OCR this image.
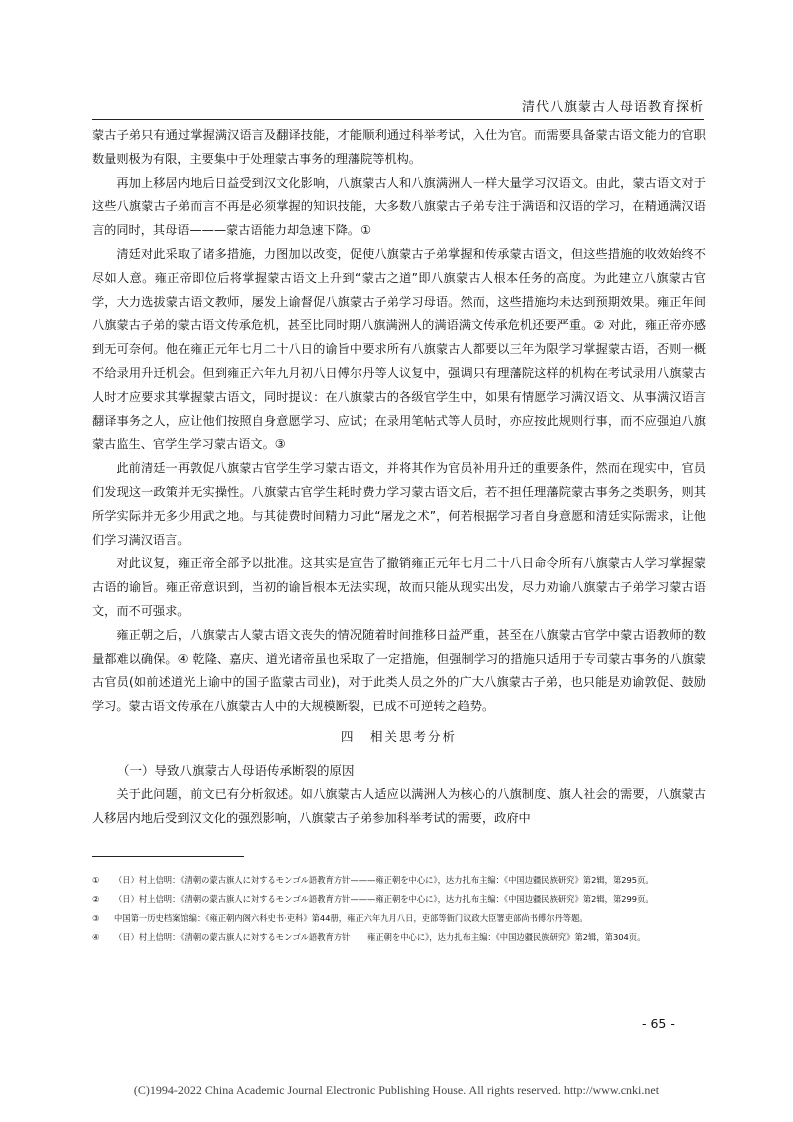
清代八旗蒙古人母语教育探析

蒙古子弟只有通过掌握满汉语言及翻译技能，才能顺利通过科举考试，入仕为官。而需要具备蒙古语文能力的官职数量则极为有限，主要集中于处理蒙古事务的理藩院等机构。

再加上移居内地后日益受到汉文化影响，八旗蒙古人和八旗满洲人一样大量学习汉语文。由此，蒙古语文对于这些八旗蒙古子弟而言不再是必须掌握的知识技能，大多数八旗蒙古子弟专注于满语和汉语的学习，在精通满汉语言的同时，其母语———蒙古语能力却急速下降。①

清廷对此采取了诸多措施，力图加以改变，促使八旗蒙古子弟掌握和传承蒙古语文，但这些措施的收效始终不尽如人意。雍正帝即位后将掌握蒙古语文上升到“蒙古之道”即八旗蒙古人根本任务的高度。为此建立八旗蒙古官学，大力选拔蒙古语文教师，屡发上谕督促八旗蒙古子弟学习母语。然而，这些措施均未达到预期效果。雍正年间八旗蒙古子弟的蒙古语文传承危机，甚至比同时期八旗满洲人的满语满文传承危机还要严重。② 对此，雍正帝亦感到无可奈何。他在雍正元年七月二十八日的谕旨中要求所有八旗蒙古人都要以三年为限学习掌握蒙古语，否则一概不给录用升迁机会。但到雍正六年九月初八日傅尔丹等人议复中，强调只有理藩院这样的机构在考试录用八旗蒙古人时才应要求其掌握蒙古语文，同时提议：在八旗蒙古的各级官学生中，如果有情愿学习满汉语文、从事满汉语言翻译事务之人，应让他们按照自身意愿学习、应试；在录用笔帖式等人员时，亦应按此规则行事，而不应强迫八旗蒙古监生、官学生学习蒙古语文。③

此前清廷一再敦促八旗蒙古官学生学习蒙古语文，并将其作为官员补用升迁的重要条件，然而在现实中，官员们发现这一政策并无实操性。八旗蒙古官学生耗时费力学习蒙古语文后，若不担任理藩院蒙古事务之类职务，则其所学实际并无多少用武之地。与其徒费时间精力习此“屠龙之术”，何若根据学习者自身意愿和清廷实际需求，让他们学习满汉语言。

对此议复，雍正帝全部予以批准。这其实是宣告了撤销雍正元年七月二十八日命令所有八旗蒙古人学习掌握蒙古语的谕旨。雍正帝意识到，当初的谕旨根本无法实现，故而只能从现实出发，尽力劝谕八旗蒙古子弟学习蒙古语文，而不可强求。

雍正朝之后，八旗蒙古人蒙古语文丧失的情况随着时间推移日益严重，甚至在八旗蒙古官学中蒙古语教师的数量都难以确保。④ 乾隆、嘉庆、道光诸帝虽也采取了一定措施，但强制学习的措施只适用于专司蒙古事务的八旗蒙古官员(如前述道光上谕中的国子监蒙古司业)，对于此类人员之外的广大八旗蒙古子弟，也只能是劝谕敦促、鼓励学习。蒙古语文传承在八旗蒙古人中的大规模断裂，已成不可逆转之趋势。

四　相关思考分析
（一）导致八旗蒙古人母语传承断裂的原因

关于此问题，前文已有分析叙述。如八旗蒙古人适应以满洲人为核心的八旗制度、旗人社会的需要，八旗蒙古人移居内地后受到汉文化的强烈影响，八旗蒙古子弟参加科举考试的需要，政府中

①	（日）村上信明：《清朝の蒙古旗人に対するモンゴル語教育方针———雍正朝を中心に》，达力扎布主编：《中国边疆民族研究》第2辑，第295页。
②	（日）村上信明：《清朝の蒙古旗人に対するモンゴル語教育方针———雍正朝を中心に》，达力扎布主编：《中国边疆民族研究》第2辑，第299页。
③	中国第一历史档案馆编：《雍正朝内阁六科史书·吏科》第44册，雍正六年九月八日，吏部等衙门议政大臣署吏部尚书傅尔丹等题。
④	（日）村上信明：《清朝の蒙古旗人に対するモンゴル語教育方针　　雍正朝を中心に》，达力扎布主编：《中国边疆民族研究》第2辑，第304页。
- 65 -
(C)1994-2022 China Academic Journal Electronic Publishing House. All rights reserved. http://www.cnki.net
